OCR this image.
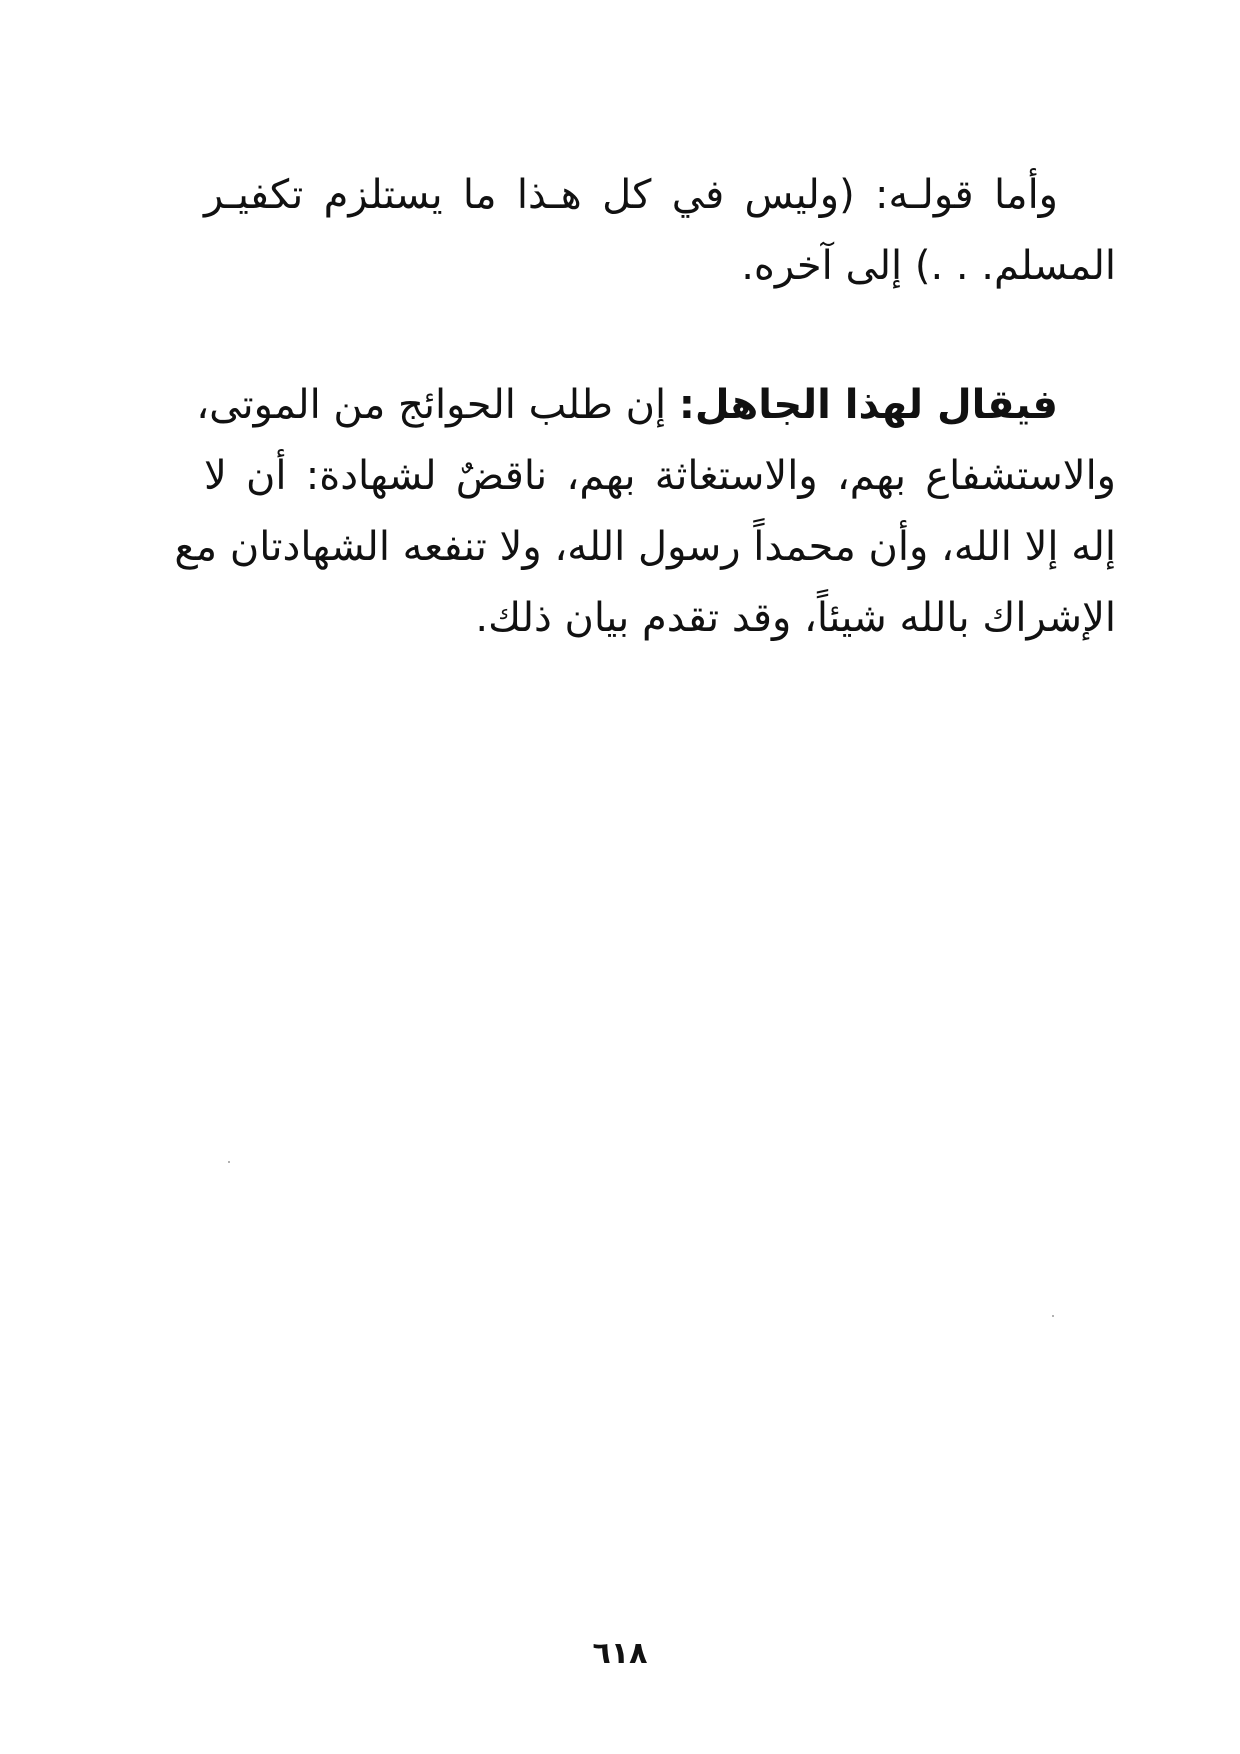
وأما قولـه: (وليس في كل هـذا ما يستلزم تكفيـر
المسلم. . .) إلى آخره.
فيقال لهذا الجاهل: إن طلب الحوائج من الموتى،
والاستشفاع بهم، والاستغاثة بهم، ناقضٌ لشهادة: أن لا
إله إلا الله، وأن محمداً رسول الله، ولا تنفعه الشهادتان مع
الإشراك بالله شيئاً، وقد تقدم بيان ذلك.
٦١٨
